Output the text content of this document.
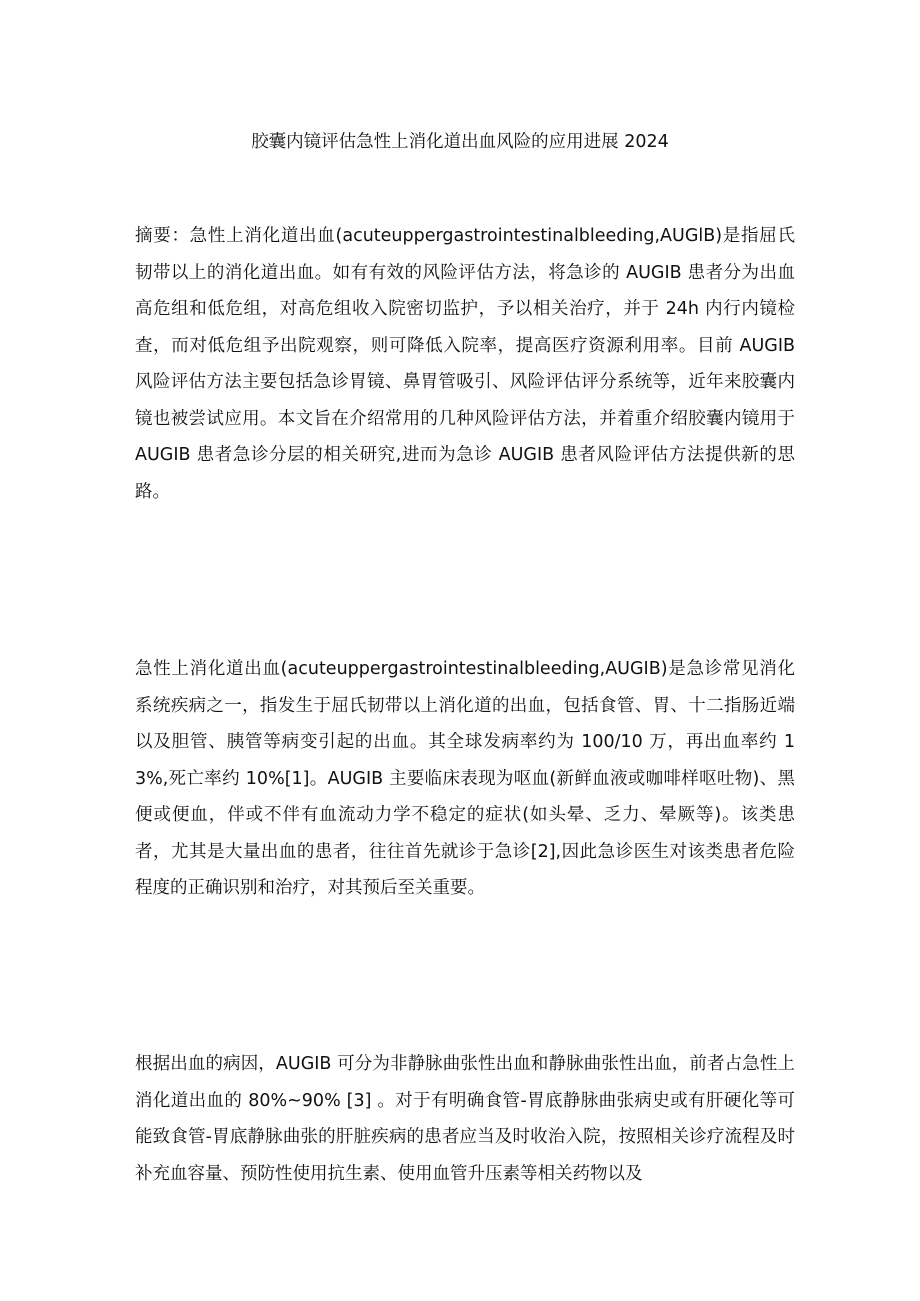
胶囊内镜评估急性上消化道出血风险的应用进展 2024

摘要：急性上消化道出血(acuteuppergastrointestinalbleeding,AUGlB)是指屈氏韧带以上的消化道出血。如有有效的风险评估方法，将急诊的 AUGIB 患者分为出血高危组和低危组，对高危组收入院密切监护，予以相关治疗，并于 24h 内行内镜检查，而对低危组予出院观察，则可降低入院率，提高医疗资源利用率。目前 AUGIB 风险评估方法主要包括急诊胃镜、鼻胃管吸引、风险评估评分系统等，近年来胶囊内镜也被尝试应用。本文旨在介绍常用的几种风险评估方法，并着重介绍胶囊内镜用于 AUGIB 患者急诊分层的相关研究,进而为急诊 AUGIB 患者风险评估方法提供新的思路。

急性上消化道出血(acuteuppergastrointestinalbleeding,AUGIB)是急诊常见消化系统疾病之一，指发生于屈氏韧带以上消化道的出血，包括食管、胃、十二指肠近端以及胆管、胰管等病变引起的出血。其全球发病率约为 100/10 万，再出血率约 13%,死亡率约 10%[1]。AUGIB 主要临床表现为呕血(新鲜血液或咖啡样呕吐物)、黑便或便血，伴或不伴有血流动力学不稳定的症状(如头晕、乏力、晕厥等)。该类患者，尤其是大量出血的患者，往往首先就诊于急诊[2],因此急诊医生对该类患者危险程度的正确识别和治疗，对其预后至关重要。

根据出血的病因，AUGIB 可分为非静脉曲张性出血和静脉曲张性出血，前者占急性上消化道出血的 80%~90% [3] 。对于有明确食管-胃底静脉曲张病史或有肝硬化等可能致食管-胃底静脉曲张的肝脏疾病的患者应当及时收治入院，按照相关诊疗流程及时补充血容量、预防性使用抗生素、使用血管升压素等相关药物以及
